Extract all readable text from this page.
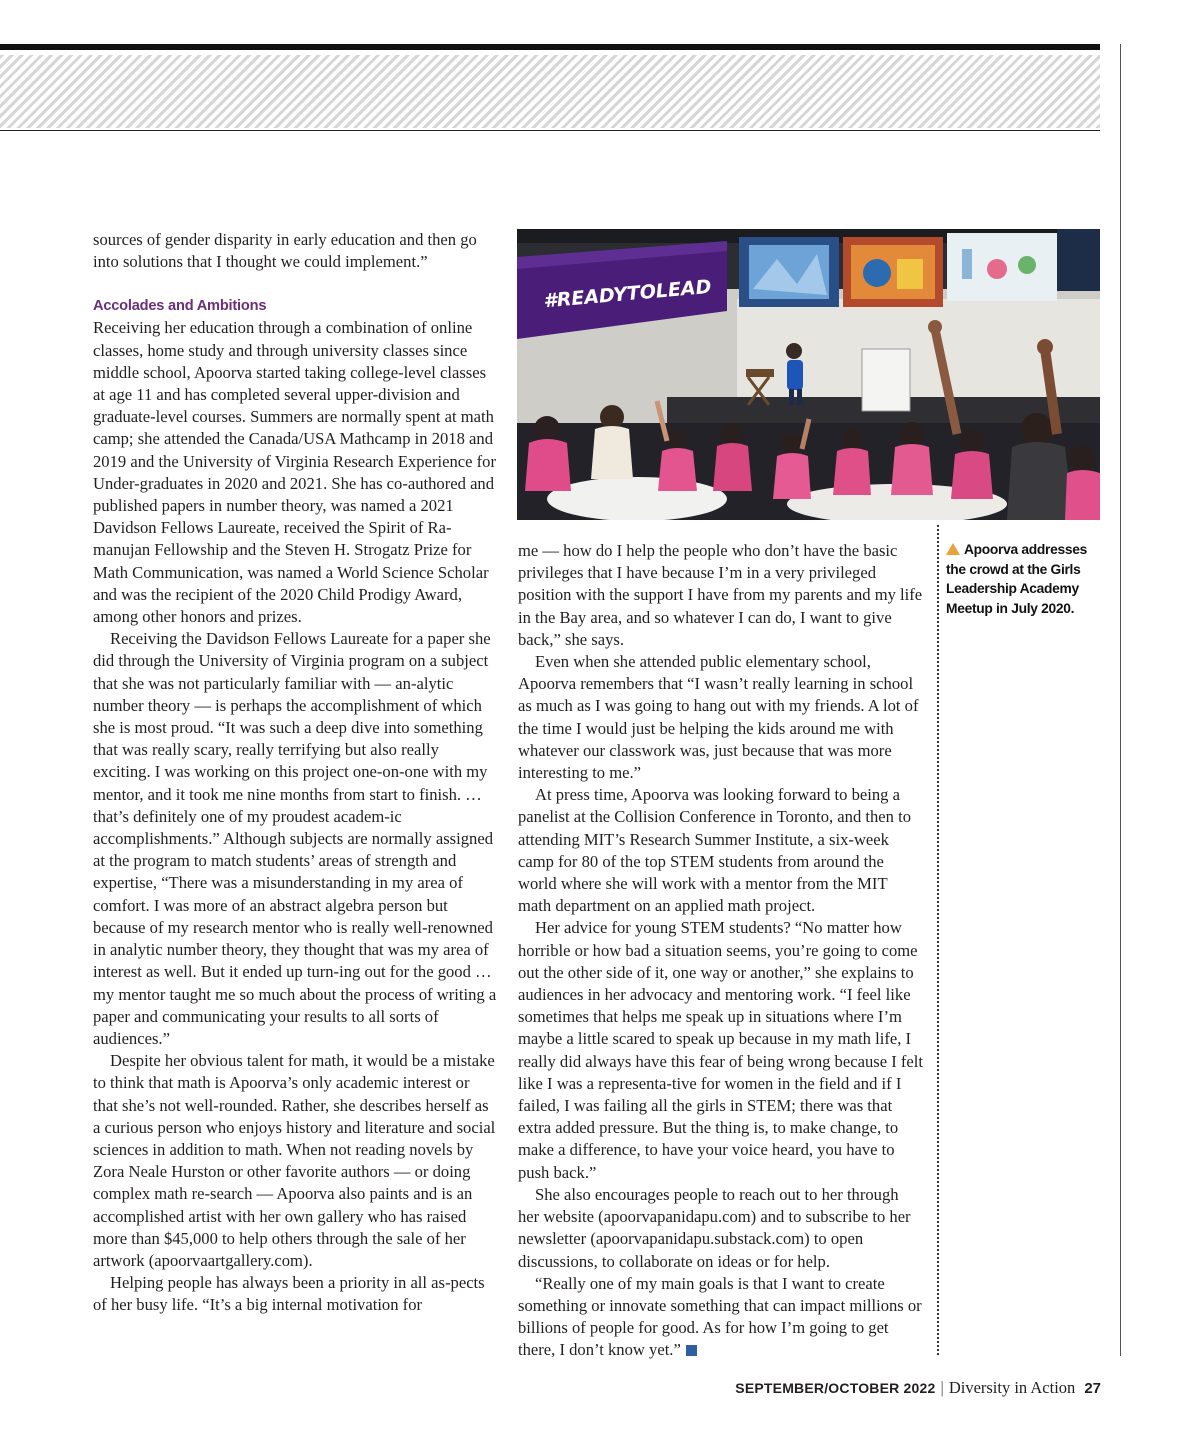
sources of gender disparity in early education and then go into solutions that I thought we could implement.”

Accolades and Ambitions

Receiving her education through a combination of online classes, home study and through university classes since middle school, Apoorva started taking college-level classes at age 11 and has completed several upper-division and graduate-level courses. Summers are normally spent at math camp; she attended the Canada/USA Mathcamp in 2018 and 2019 and the University of Virginia Research Experience for Under-graduates in 2020 and 2021. She has co-authored and published papers in number theory, was named a 2021 Davidson Fellows Laureate, received the Spirit of Ra-manujan Fellowship and the Steven H. Strogatz Prize for Math Communication, was named a World Science Scholar and was the recipient of the 2020 Child Prodigy Award, among other honors and prizes.

Receiving the Davidson Fellows Laureate for a paper she did through the University of Virginia program on a subject that she was not particularly familiar with — an-alytic number theory — is perhaps the accomplishment of which she is most proud. “It was such a deep dive into something that was really scary, really terrifying but also really exciting. I was working on this project one-on-one with my mentor, and it took me nine months from start to finish. … that’s definitely one of my proudest academ-ic accomplishments.” Although subjects are normally assigned at the program to match students’ areas of strength and expertise, “There was a misunderstanding in my area of comfort. I was more of an abstract algebra person but because of my research mentor who is really well-renowned in analytic number theory, they thought that was my area of interest as well. But it ended up turn-ing out for the good … my mentor taught me so much about the process of writing a paper and communicating your results to all sorts of audiences.”

Despite her obvious talent for math, it would be a mistake to think that math is Apoorva’s only academic interest or that she’s not well-rounded. Rather, she describes herself as a curious person who enjoys history and literature and social sciences in addition to math. When not reading novels by Zora Neale Hurston or other favorite authors — or doing complex math re-search — Apoorva also paints and is an accomplished artist with her own gallery who has raised more than $45,000 to help others through the sale of her artwork (apoorvaartgallery.com).

Helping people has always been a priority in all as-pects of her busy life. “It’s a big internal motivation for

#READYTOLEAD
Apoorva addresses the crowd at the Girls Leadership Academy Meetup in July 2020.

me — how do I help the people who don’t have the basic privileges that I have because I’m in a very privileged position with the support I have from my parents and my life in the Bay area, and so whatever I can do, I want to give back,” she says.

Even when she attended public elementary school, Apoorva remembers that “I wasn’t really learning in school as much as I was going to hang out with my friends. A lot of the time I would just be helping the kids around me with whatever our classwork was, just because that was more interesting to me.”

At press time, Apoorva was looking forward to being a panelist at the Collision Conference in Toronto, and then to attending MIT’s Research Summer Institute, a six-week camp for 80 of the top STEM students from around the world where she will work with a mentor from the MIT math department on an applied math project.

Her advice for young STEM students? “No matter how horrible or how bad a situation seems, you’re going to come out the other side of it, one way or another,” she explains to audiences in her advocacy and mentoring work. “I feel like sometimes that helps me speak up in situations where I’m maybe a little scared to speak up because in my math life, I really did always have this fear of being wrong because I felt like I was a representa-tive for women in the field and if I failed, I was failing all the girls in STEM; there was that extra added pressure. But the thing is, to make change, to make a difference, to have your voice heard, you have to push back.”

She also encourages people to reach out to her through her website (apoorvapanidapu.com) and to subscribe to her newsletter (apoorvapanidapu.substack.com) to open discussions, to collaborate on ideas or for help.

“Really one of my main goals is that I want to create something or innovate something that can impact millions or billions of people for good. As for how I’m going to get there, I don’t know yet.”

SEPTEMBER/OCTOBER 2022 | Diversity in Action 27
